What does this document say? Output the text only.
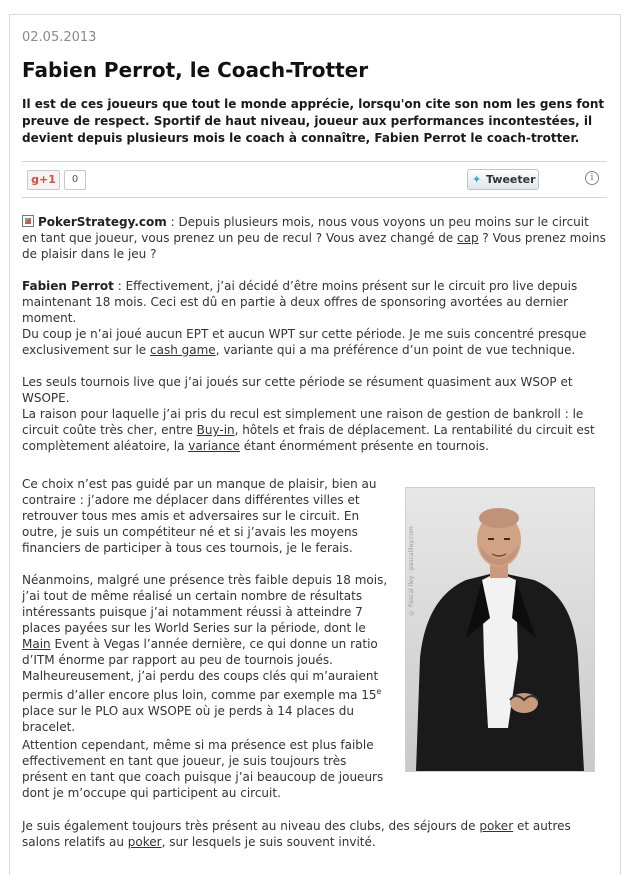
02.05.2013
Fabien Perrot, le Coach-Trotter

Il est de ces joueurs que tout le monde apprécie, lorsqu'on cite son nom les gens font preuve de respect. Sportif de haut niveau, joueur aux performances incontestées, il devient depuis plusieurs mois le coach à connaître, Fabien Perrot le coach-trotter.

g+1	0	✦ Tweeter	i

PokerStrategy.com : Depuis plusieurs mois, nous vous voyons un peu moins sur le circuit en tant que joueur, vous prenez un peu de recul ? Vous avez changé de cap ? Vous prenez moins de plaisir dans le jeu ?

Fabien Perrot : Effectivement, j’ai décidé d’être moins présent sur le circuit pro live depuis maintenant 18 mois. Ceci est dû en partie à deux offres de sponsoring avortées au dernier moment.

Du coup je n’ai joué aucun EPT et aucun WPT sur cette période. Je me suis concentré presque exclusivement sur le cash game, variante qui a ma préférence d’un point de vue technique.

Les seuls tournois live que j’ai joués sur cette période se résument quasiment aux WSOP et WSOPE.

La raison pour laquelle j’ai pris du recul est simplement une raison de gestion de bankroll : le circuit coûte très cher, entre Buy-in, hôtels et frais de déplacement. La rentabilité du circuit est complètement aléatoire, la variance étant énormément présente en tournois.

Ce choix n’est pas guidé par un manque de plaisir, bien au contraire : j’adore me déplacer dans différentes villes et retrouver tous mes amis et adversaires sur le circuit. En outre, je suis un compétiteur né et si j’avais les moyens financiers de participer à tous ces tournois, je le ferais.

Néanmoins, malgré une présence très faible depuis 18 mois, j’ai tout de même réalisé un certain nombre de résultats intéressants puisque j’ai notamment réussi à atteindre 7 places payées sur les World Series sur la période, dont le Main Event à Vegas l’année dernière, ce qui donne un ratio d’ITM énorme par rapport au peu de tournois joués. Malheureusement, j’ai perdu des coups clés qui m’auraient permis d’aller encore plus loin, comme par exemple ma 15e place sur le PLO aux WSOPE où je perds à 14 places du bracelet.

Attention cependant, même si ma présence est plus faible effectivement en tant que joueur, je suis toujours très présent en tant que coach puisque j’ai beaucoup de joueurs dont je m’occupe qui participent au circuit.

Je suis également toujours très présent au niveau des clubs, des séjours de poker et autres salons relatifs au poker, sur lesquels je suis souvent invité.

© Pascal Iley · pascaliley.com
